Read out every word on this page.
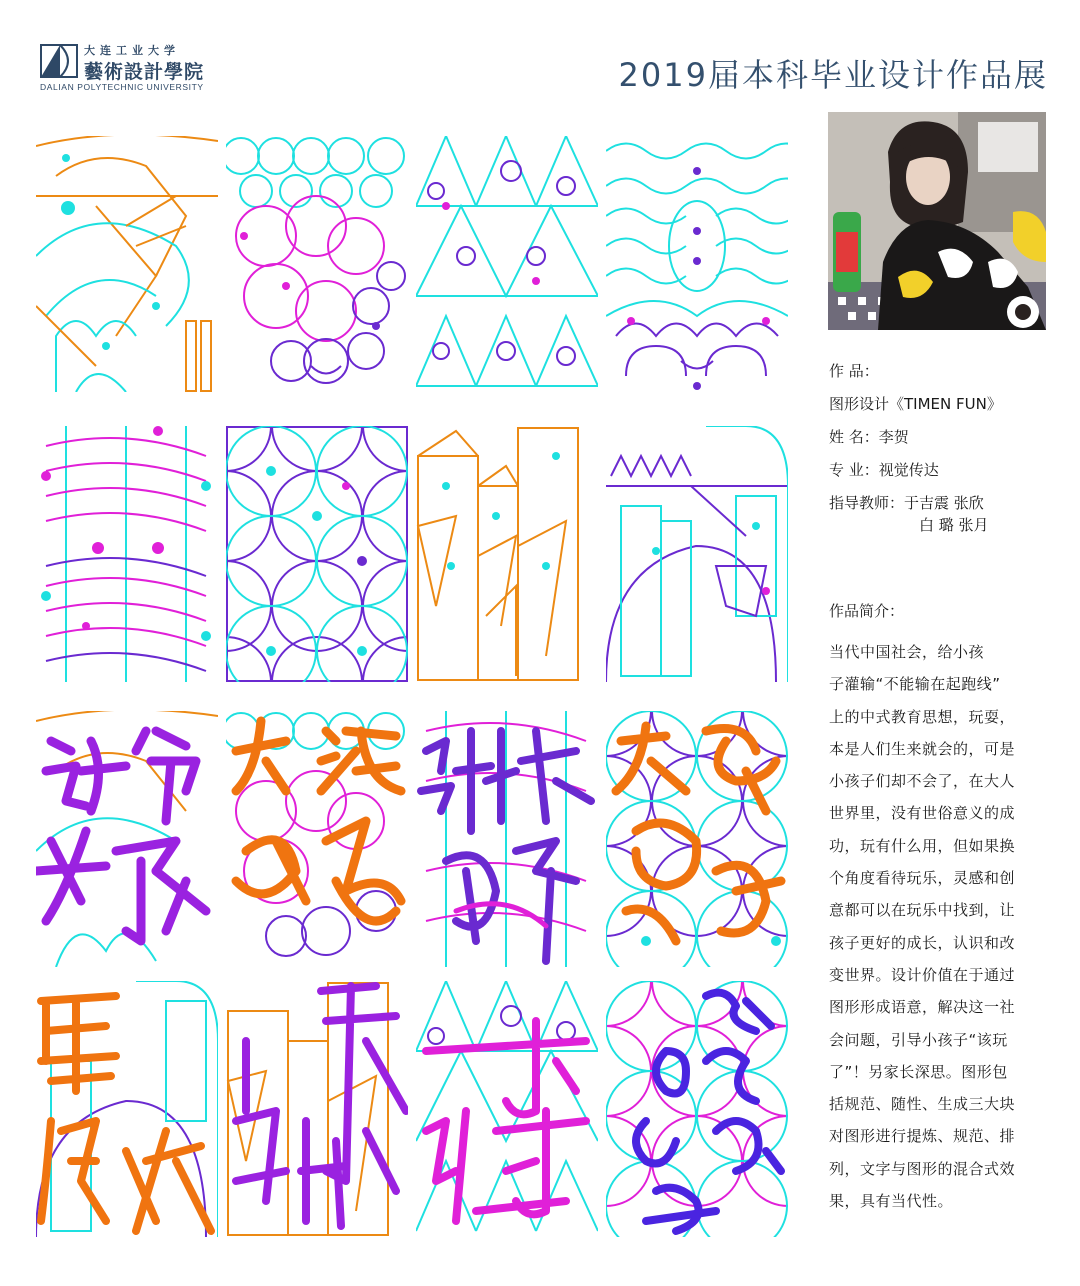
大连工业大学
藝術設計學院
DALIAN POLYTECHNIC UNIVERSITY	2019届本科毕业设计作品展
作 品：
图形设计《TIMEN FUN》
姓 名：李贺
专 业：视觉传达
指导教师：于吉震 张欣
白 璐 张月
作品简介：
当代中国社会，给小孩
子灌输“不能输在起跑线”
上的中式教育思想，玩耍，
本是人们生来就会的，可是
小孩子们却不会了，在大人
世界里，没有世俗意义的成
功，玩有什么用，但如果换
个角度看待玩乐，灵感和创
意都可以在玩乐中找到，让
孩子更好的成长，认识和改
变世界。设计价值在于通过
图形形成语意，解决这一社
会问题，引导小孩子“该玩
了”！另家长深思。图形包
括规范、随性、生成三大块
对图形进行提炼、规范、排
列，文字与图形的混合式效
果，具有当代性。
